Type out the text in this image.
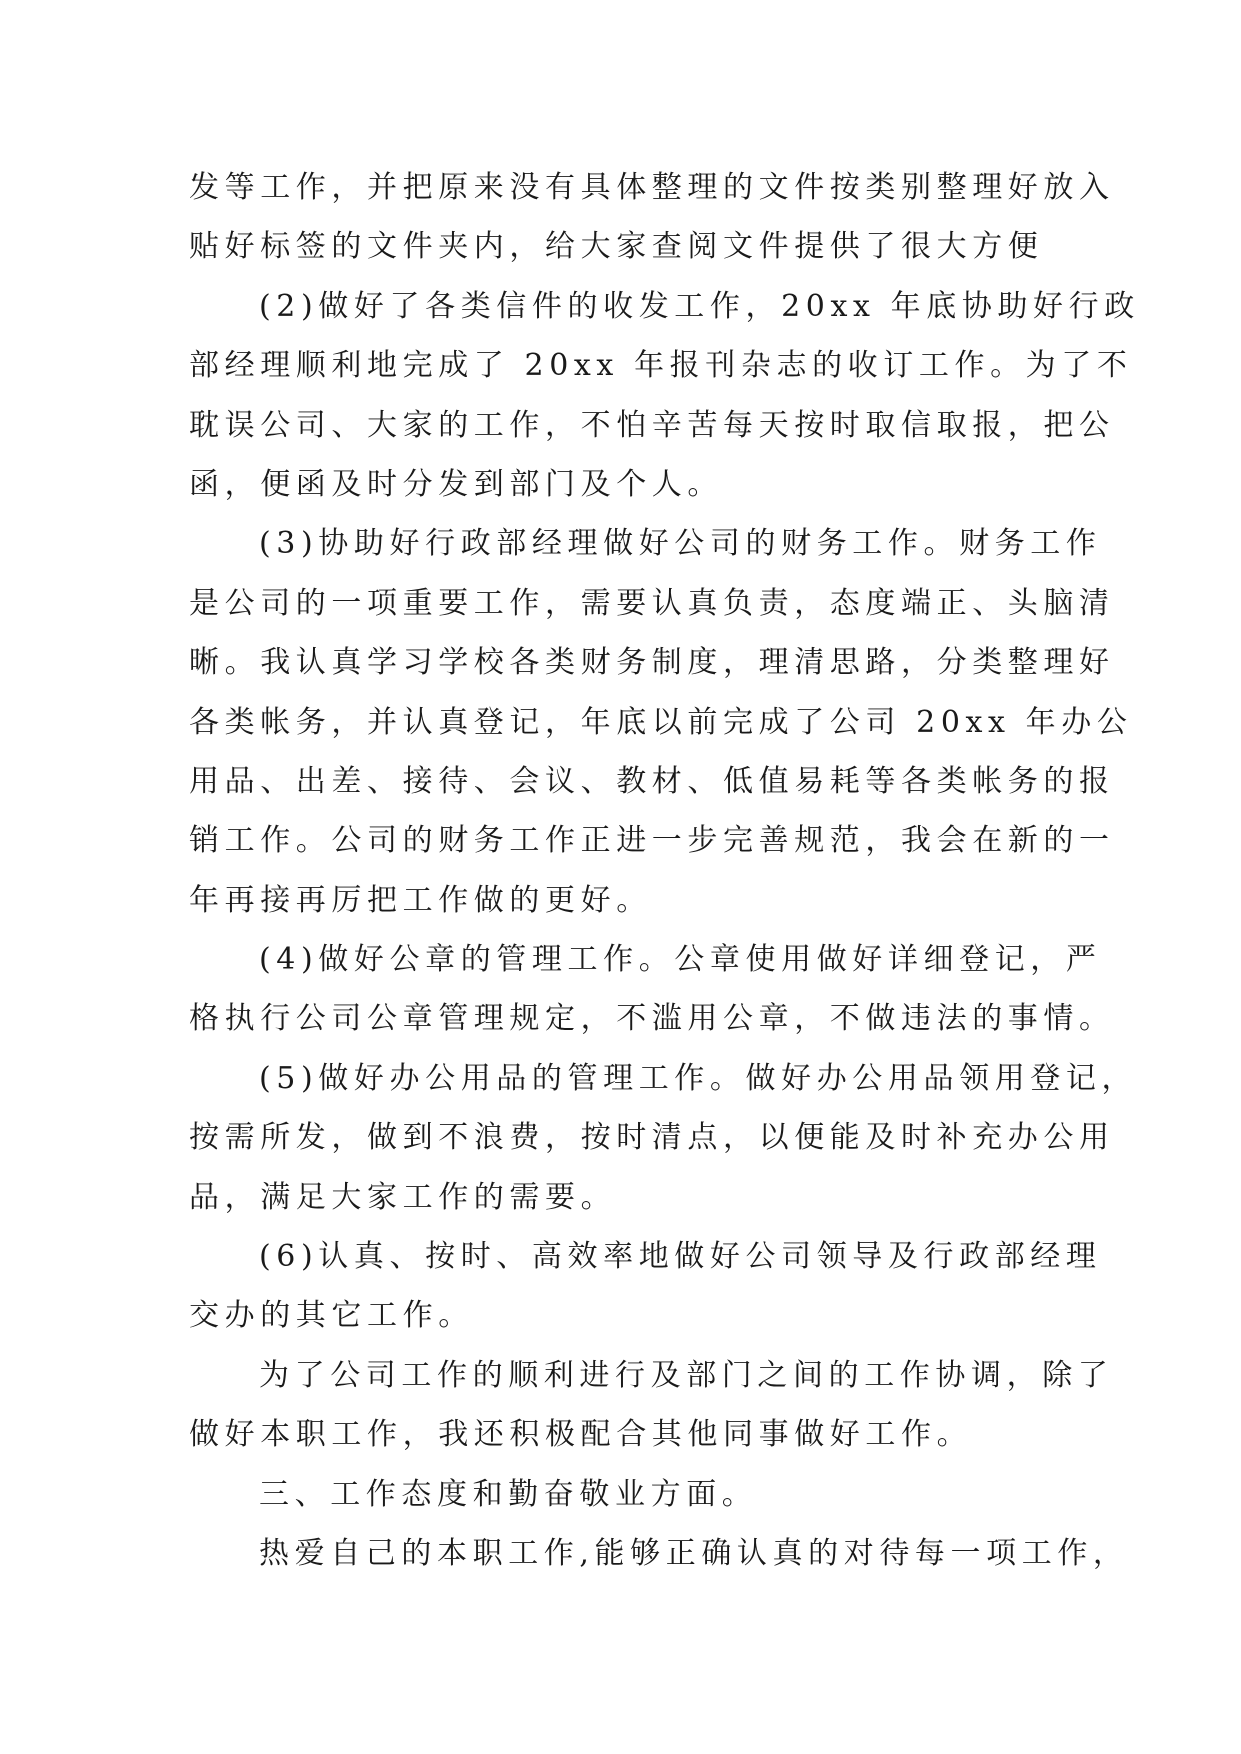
发等工作，并把原来没有具体整理的文件按类别整理好放入
贴好标签的文件夹内，给大家查阅文件提供了很大方便
(2)做好了各类信件的收发工作，20xx 年底协助好行政
部经理顺利地完成了 20xx 年报刊杂志的收订工作。为了不
耽误公司、大家的工作，不怕辛苦每天按时取信取报，把公
函，便函及时分发到部门及个人。
(3)协助好行政部经理做好公司的财务工作。财务工作
是公司的一项重要工作，需要认真负责，态度端正、头脑清
晰。我认真学习学校各类财务制度，理清思路，分类整理好
各类帐务，并认真登记，年底以前完成了公司 20xx 年办公
用品、出差、接待、会议、教材、低值易耗等各类帐务的报
销工作。公司的财务工作正进一步完善规范，我会在新的一
年再接再厉把工作做的更好。
(4)做好公章的管理工作。公章使用做好详细登记，严
格执行公司公章管理规定，不滥用公章，不做违法的事情。
(5)做好办公用品的管理工作。做好办公用品领用登记，
按需所发，做到不浪费，按时清点，以便能及时补充办公用
品，满足大家工作的需要。
(6)认真、按时、高效率地做好公司领导及行政部经理
交办的其它工作。
为了公司工作的顺利进行及部门之间的工作协调，除了
做好本职工作，我还积极配合其他同事做好工作。
三、工作态度和勤奋敬业方面。
热爱自己的本职工作,能够正确认真的对待每一项工作，
